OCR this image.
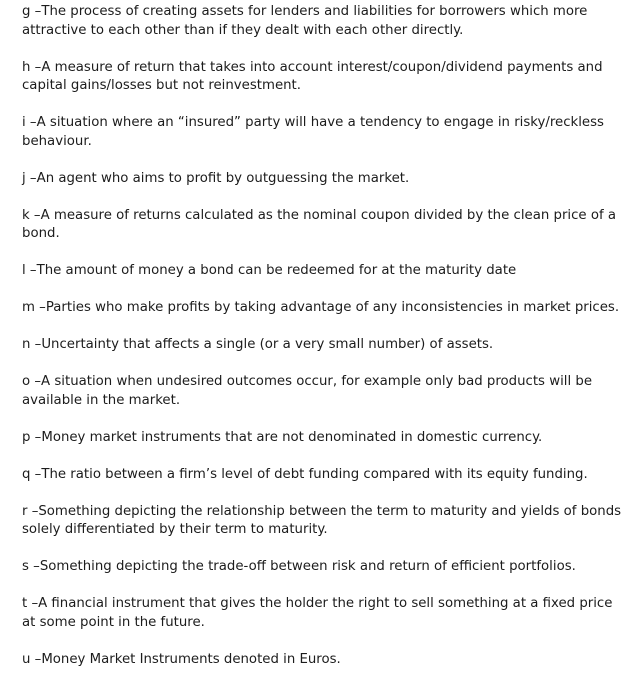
g – The process of creating assets for lenders and liabilities for borrowers which more attractive to each other than if they dealt with each other directly.

h – A measure of return that takes into account interest/coupon/dividend payments and capital gains/losses but not reinvestment.

i – A situation where an “insured” party will have a tendency to engage in risky/reckless behaviour.

j – An agent who aims to profit by outguessing the market.

k – A measure of returns calculated as the nominal coupon divided by the clean price of a bond.

l – The amount of money a bond can be redeemed for at the maturity date

m – Parties who make profits by taking advantage of any inconsistencies in market prices.

n – Uncertainty that affects a single (or a very small number) of assets.

o – A situation when undesired outcomes occur, for example only bad products will be available in the market.

p – Money market instruments that are not denominated in domestic currency.

q – The ratio between a firm’s level of debt funding compared with its equity funding.

r – Something depicting the relationship between the term to maturity and yields of bonds solely differentiated by their term to maturity.

s – Something depicting the trade-off between risk and return of efficient portfolios.

t – A financial instrument that gives the holder the right to sell something at a fixed price at some point in the future.

u – Money Market Instruments denoted in Euros.
